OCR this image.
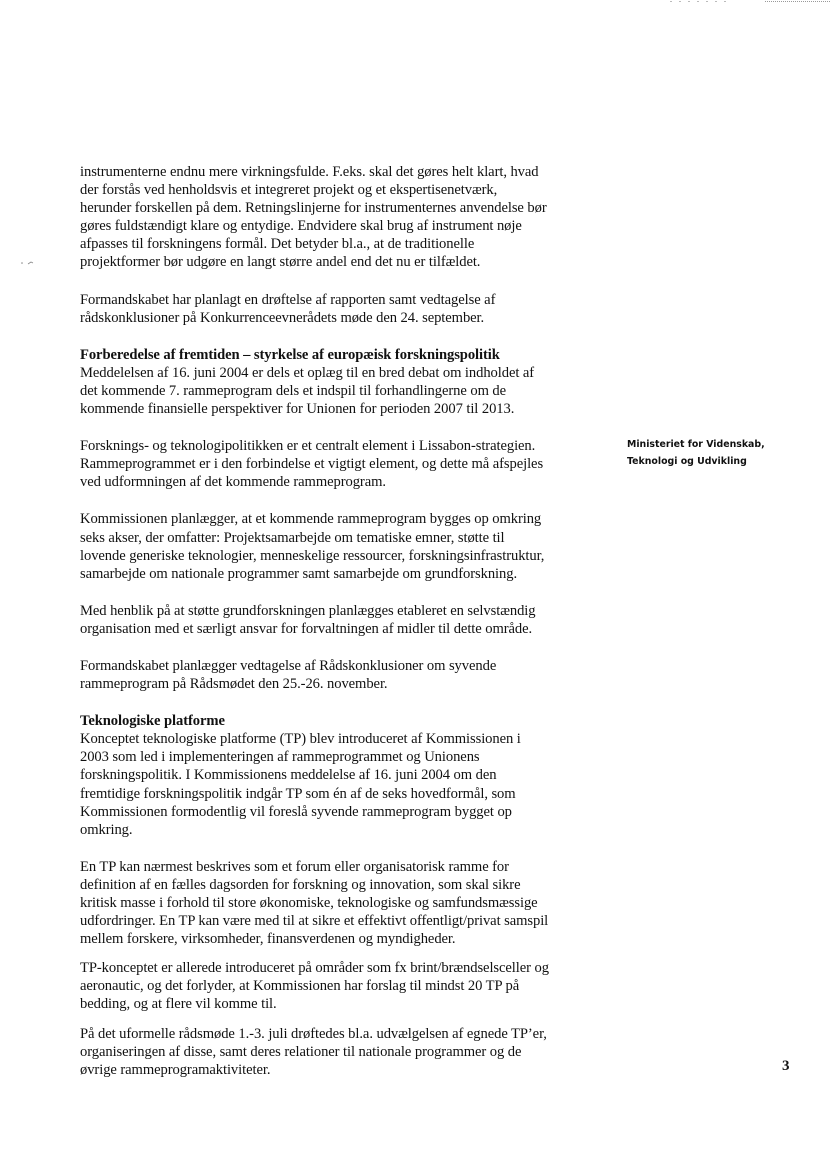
instrumenterne endnu mere virkningsfulde. F.eks. skal det gøres helt klart, hvad
der forstås ved henholdsvis et integreret projekt og et ekspertisenetværk,
herunder forskellen på dem. Retningslinjerne for instrumenternes anvendelse bør
gøres fuldstændigt klare og entydige. Endvidere skal brug af instrument nøje
afpasses til forskningens formål. Det betyder bl.a., at de traditionelle
projektformer bør udgøre en langt større andel end det nu er tilfældet.

Formandskabet har planlagt en drøftelse af rapporten samt vedtagelse af
rådskonklusioner på Konkurrenceevnerådets møde den 24. september.

Forberedelse af fremtiden – styrkelse af europæisk forskningspolitik

Meddelelsen af 16. juni 2004 er dels et oplæg til en bred debat om indholdet af
det kommende 7. rammeprogram dels et indspil til forhandlingerne om de
kommende finansielle perspektiver for Unionen for perioden 2007 til 2013.

Forsknings- og teknologipolitikken er et centralt element i Lissabon-strategien.
Rammeprogrammet er i den forbindelse et vigtigt element, og dette må afspejles
ved udformningen af det kommende rammeprogram.

Kommissionen planlægger, at et kommende rammeprogram bygges op omkring
seks akser, der omfatter: Projektsamarbejde om tematiske emner, støtte til
lovende generiske teknologier, menneskelige ressourcer, forskningsinfrastruktur,
samarbejde om nationale programmer samt samarbejde om grundforskning.

Med henblik på at støtte grundforskningen planlægges etableret en selvstændig
organisation med et særligt ansvar for forvaltningen af midler til dette område.

Formandskabet planlægger vedtagelse af Rådskonklusioner om syvende
rammeprogram på Rådsmødet den 25.-26. november.

Teknologiske platforme

Konceptet teknologiske platforme (TP) blev introduceret af Kommissionen i
2003 som led i implementeringen af rammeprogrammet og Unionens
forskningspolitik. I Kommissionens meddelelse af 16. juni 2004 om den
fremtidige forskningspolitik indgår TP som én af de seks hovedformål, som
Kommissionen formodentlig vil foreslå syvende rammeprogram bygget op
omkring.

En TP kan nærmest beskrives som et forum eller organisatorisk ramme for
definition af en fælles dagsorden for forskning og innovation, som skal sikre
kritisk masse i forhold til store økonomiske, teknologiske og samfundsmæssige
udfordringer. En TP kan være med til at sikre et effektivt offentligt/privat samspil
mellem forskere, virksomheder, finansverdenen og myndigheder.

TP-konceptet er allerede introduceret på områder som fx brint/brændselsceller og
aeronautic, og det forlyder, at Kommissionen har forslag til mindst 20 TP på
bedding, og at flere vil komme til.

På det uformelle rådsmøde 1.-3. juli drøftedes bl.a. udvælgelsen af egnede TP’er,
organiseringen af disse, samt deres relationer til nationale programmer og de
øvrige rammeprogramaktiviteter.

Ministeriet for Videnskab,
Teknologi og Udvikling
3
